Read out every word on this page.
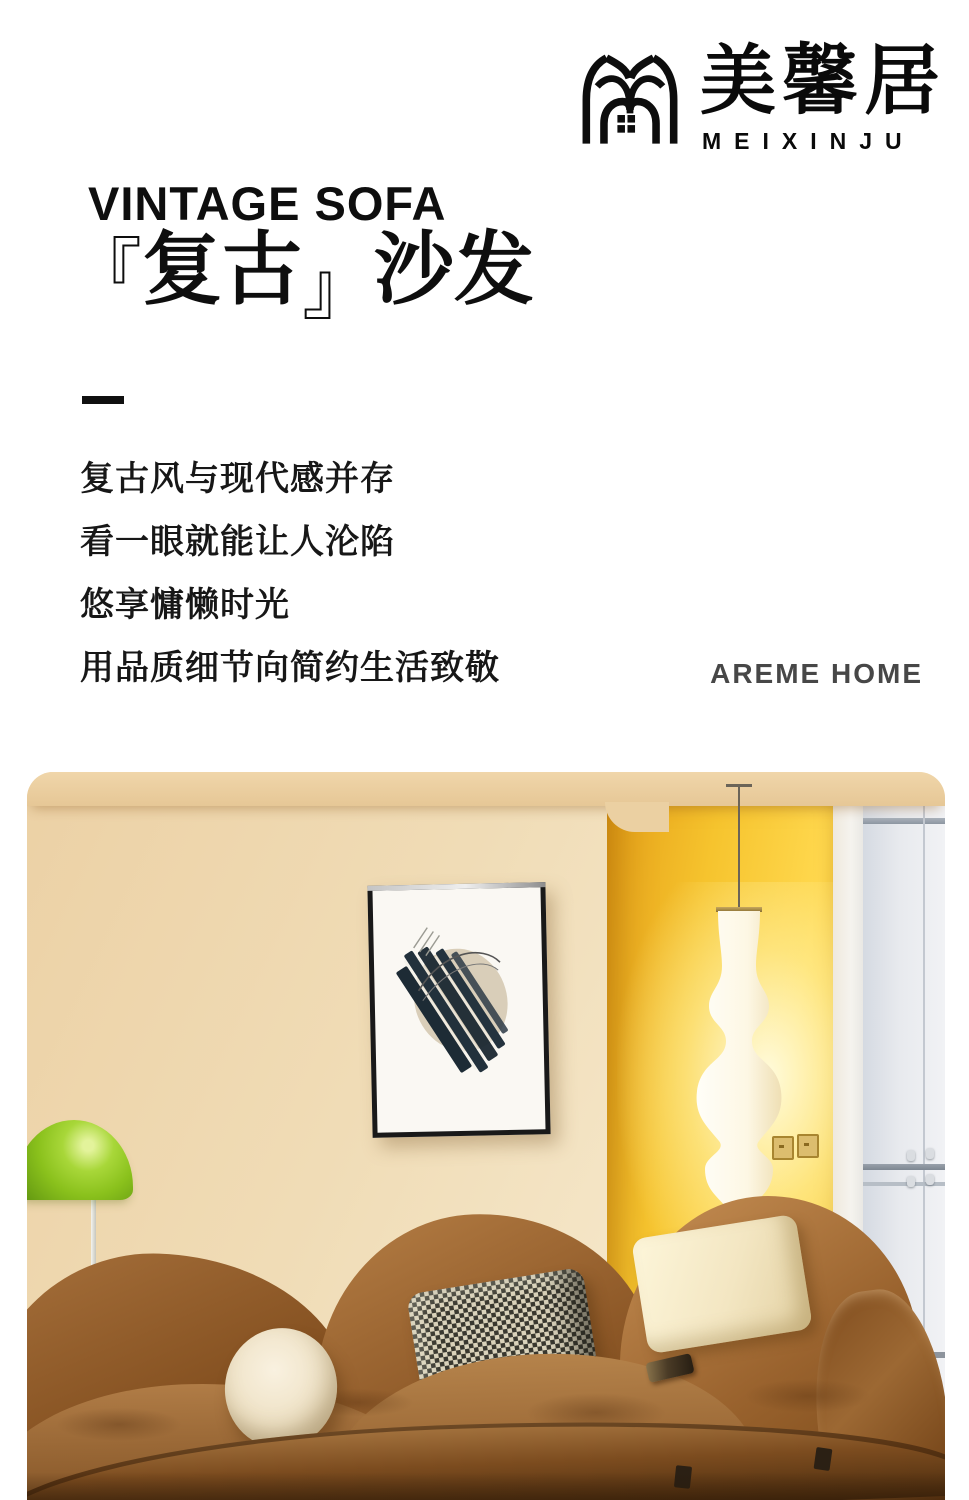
美馨居
MEIXINJU
VINTAGE SOFA
『复古』沙发
复古风与现代感并存
看一眼就能让人沦陷
悠享慵懒时光
用品质细节向简约生活致敬	AREME HOME
